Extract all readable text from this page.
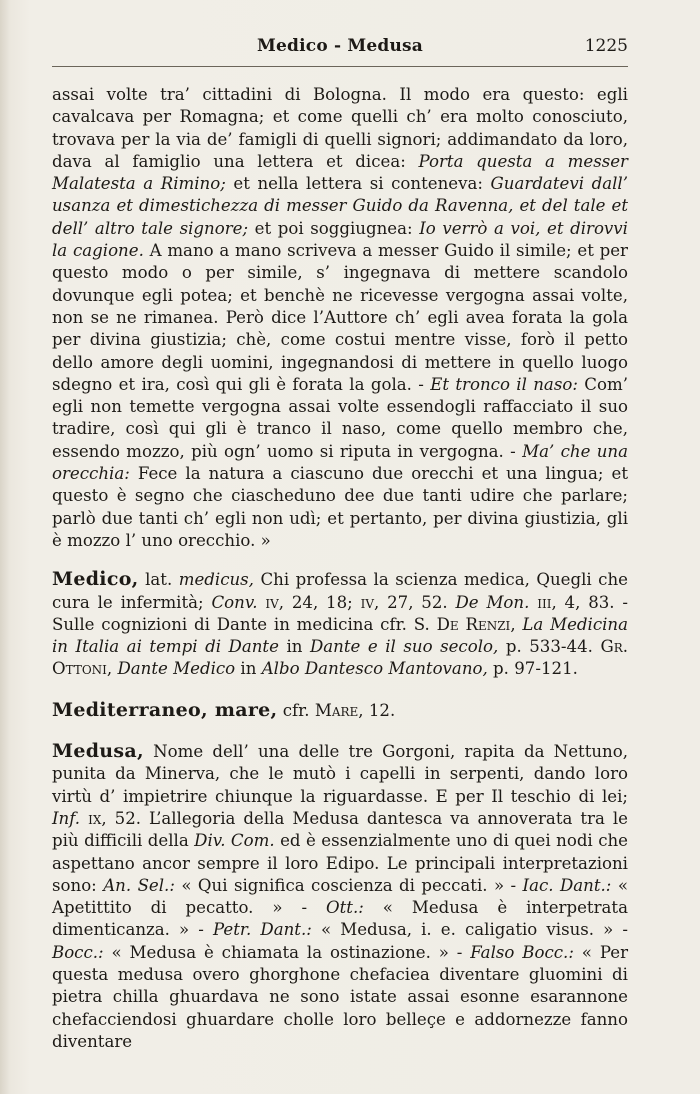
Medico - Medusa	1225

assai volte tra’ cittadini di Bologna. Il modo era questo: egli cavalcava per Romagna; et come quelli ch’ era molto conosciuto, trovava per la via de’ famigli di quelli signori; addimandato da loro, dava al famiglio una lettera et dicea: Porta questa a messer Malatesta a Rimino; et nella lettera si conteneva: Guardatevi dall’ usanza et dimestichezza di messer Guido da Ravenna, et del tale et dell’ altro tale signore; et poi soggiugnea: Io verrò a voi, et dirovvi la cagione. A mano a mano scriveva a messer Guido il simile; et per questo modo o per simile, s’ ingegnava di mettere scandolo dovunque egli potea; et benchè ne ricevesse vergogna assai volte, non se ne rimanea. Però dice l’Auttore ch’ egli avea forata la gola per divina giustizia; chè, come costui mentre visse, forò il petto dello amore degli uomini, ingegnandosi di mettere in quello luogo sdegno et ira, così qui gli è forata la gola. - Et tronco il naso: Com’ egli non temette vergogna assai volte essendogli raffacciato il suo tradire, così qui gli è tranco il naso, come quello membro che, essendo mozzo, più ogn’ uomo si riputa in vergogna. - Ma’ che una orecchia: Fece la natura a ciascuno due orecchi et una lingua; et questo è segno che ciascheduno dee due tanti udire che parlare; parlò due tanti ch’ egli non udì; et pertanto, per divina giustizia, gli è mozzo l’ uno orecchio. »

Medico, lat. medicus, Chi professa la scienza medica, Quegli che cura le infermità; Conv. iv, 24, 18; iv, 27, 52. De Mon. iii, 4, 83. - Sulle cognizioni di Dante in medicina cfr. S. De Renzi, La Medicina in Italia ai tempi di Dante in Dante e il suo secolo, p. 533-44. Gr. Ottoni, Dante Medico in Albo Dantesco Mantovano, p. 97-121.

Mediterraneo, mare, cfr. Mare, 12.

Medusa, Nome dell’ una delle tre Gorgoni, rapita da Nettuno, punita da Minerva, che le mutò i capelli in serpenti, dando loro virtù d’ impietrire chiunque la riguardasse. E per Il teschio di lei; Inf. ix, 52. L’allegoria della Medusa dantesca va annoverata tra le più difficili della Div. Com. ed è essenzialmente uno di quei nodi che aspettano ancor sempre il loro Edipo. Le principali interpretazioni sono: An. Sel.: « Qui significa coscienza di peccati. » - Iac. Dant.: « Apetittito di pecatto. » - Ott.: « Medusa è interpetrata dimenticanza. » - Petr. Dant.: « Medusa, i. e. caligatio visus. » - Bocc.: « Medusa è chiamata la ostinazione. » - Falso Bocc.: « Per questa medusa overo ghorghone chefaciea diventare gluomini di pietra chilla ghuardava ne sono istate assai esonne esarannone chefacciendosi ghuardare cholle loro belleçe e addornezze fanno diventare
